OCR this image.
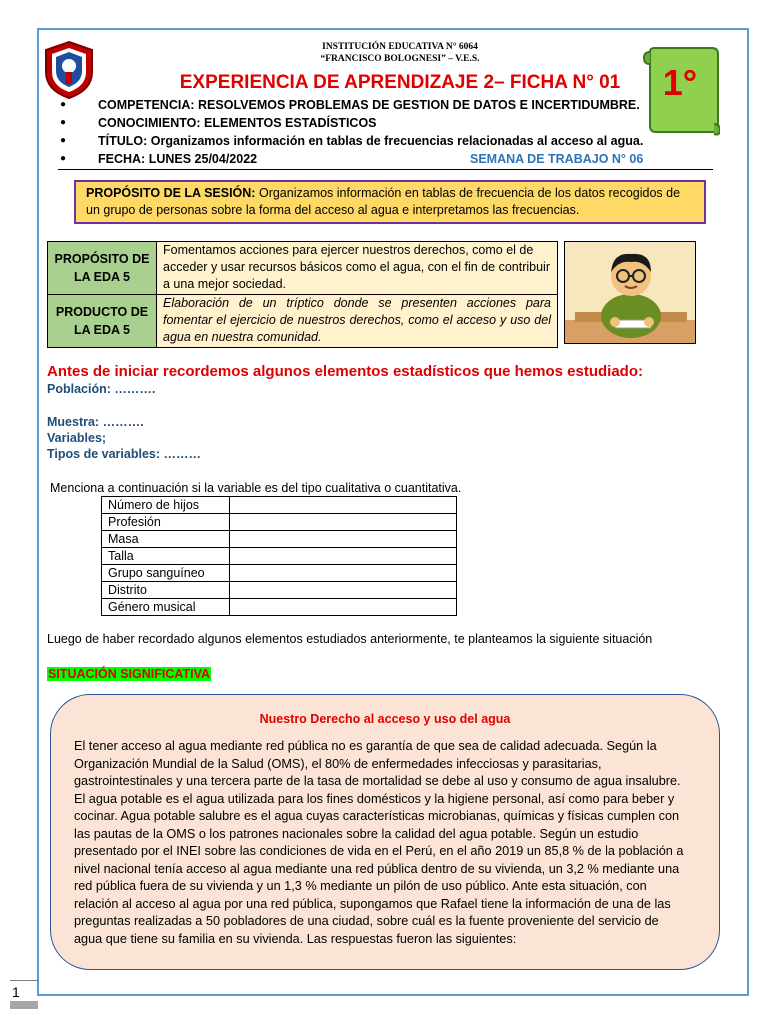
INSTITUCIÓN EDUCATIVA N° 6064
“FRANCISCO BOLOGNESI” – V.E.S.
EXPERIENCIA DE APRENDIZAJE 2– FICHA N° 01	1°
●	COMPETENCIA: RESOLVEMOS PROBLEMAS DE GESTION DE DATOS E INCERTIDUMBRE.
●	CONOCIMIENTO: ELEMENTOS ESTADÍSTICOS
●	TÍTULO: Organizamos información en tablas de frecuencias relacionadas al acceso al agua.
●	FECHA: LUNES 25/04/2022	SEMANA DE TRABAJO N° 06
PROPÓSITO DE LA SESIÓN: Organizamos información en tablas de frecuencia de los datos recogidos de un grupo de personas sobre la forma del acceso al agua e interpretamos las frecuencias.
PROPÓSITO DE LA EDA 5	Fomentamos acciones para ejercer nuestros derechos, como el de acceder y usar recursos básicos como el agua, con el fin de contribuir a una mejor sociedad.
PRODUCTO DE LA EDA 5	Elaboración de un tríptico donde se presenten acciones para fomentar el ejercicio de nuestros derechos, como el acceso y uso del agua en nuestra comunidad.
Antes de iniciar recordemos algunos elementos estadísticos que hemos estudiado:
Población: ……….
Muestra: ……….
Variables;
Tipos de variables: ………
Menciona a continuación si la variable es del tipo cualitativa o cuantitativa.
Número de hijos	
Profesión	
Masa	
Talla	
Grupo sanguíneo	
Distrito	
Género musical	
Luego de haber recordado algunos elementos estudiados anteriormente, te planteamos la siguiente situación
SITUACIÓN SIGNIFICATIVA
Nuestro Derecho al acceso y uso del agua
El tener acceso al agua mediante red pública no es garantía de que sea de calidad adecuada. Según la
Organización Mundial de la Salud (OMS), el 80% de enfermedades infecciosas y parasitarias,
gastrointestinales y una tercera parte de la tasa de mortalidad se debe al uso y consumo de agua insalubre.
El agua potable es el agua utilizada para los fines domésticos y la higiene personal, así como para beber y
cocinar. Agua potable salubre es el agua cuyas características microbianas, químicas y físicas cumplen con
las pautas de la OMS o los patrones nacionales sobre la calidad del agua potable. Según un estudio
presentado por el INEI sobre las condiciones de vida en el Perú, en el año 2019 un 85,8 % de la población a
nivel nacional tenía acceso al agua mediante una red pública dentro de su vivienda, un 3,2 % mediante una
red pública fuera de su vivienda y un 1,3 % mediante un pilón de uso público. Ante esta situación, con
relación al acceso al agua por una red pública, supongamos que Rafael tiene la información de una de las
preguntas realizadas a 50 pobladores de una ciudad, sobre cuál es la fuente proveniente del servicio de
agua que tiene su familia en su vivienda. Las respuestas fueron las siguientes:
1
